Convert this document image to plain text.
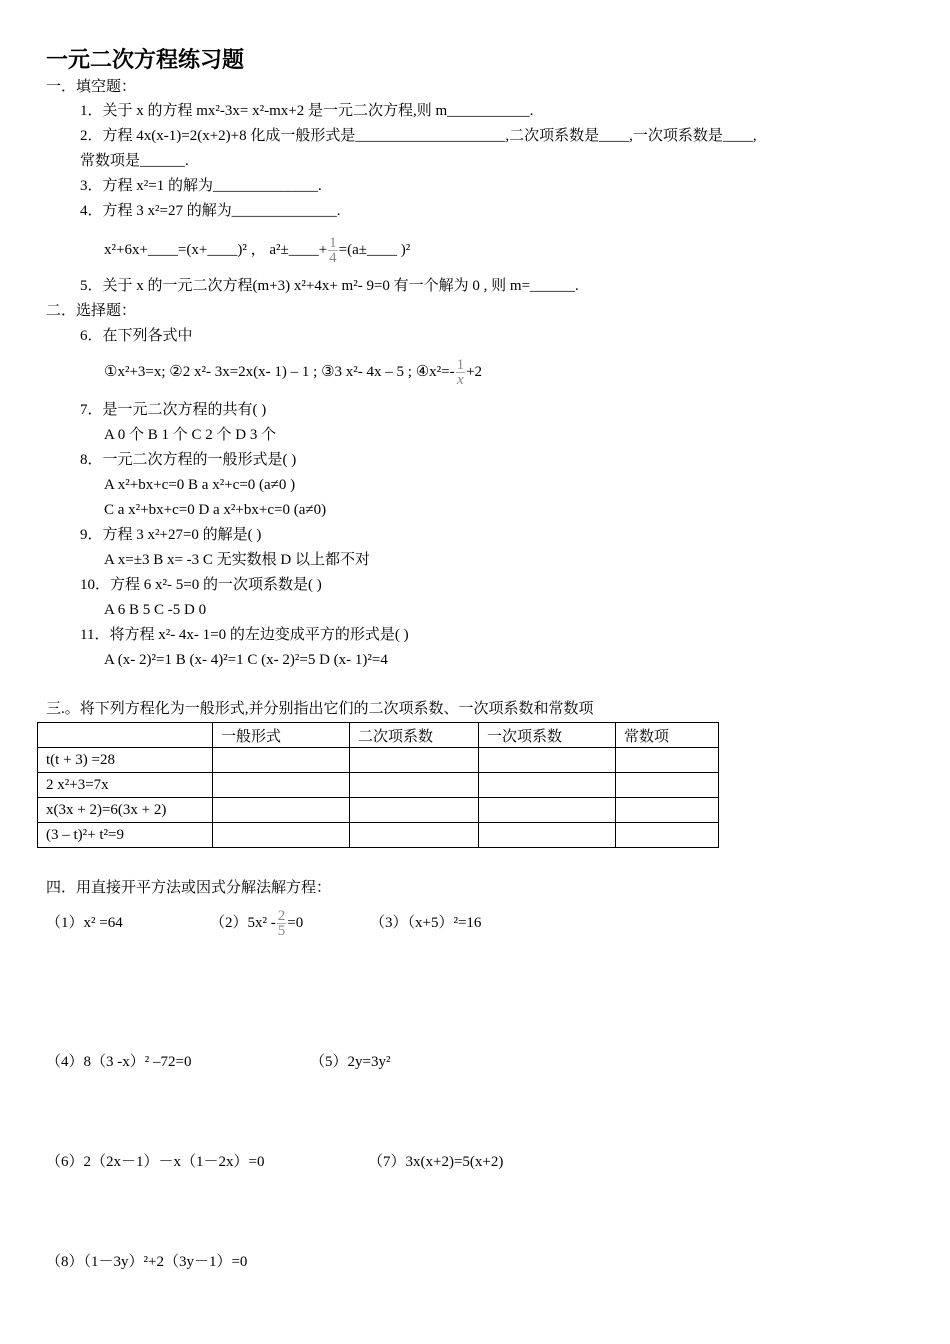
一元二次方程练习题
一．填空题：
1．关于 x 的方程 mx²-3x= x²-mx+2 是一元二次方程,则 m___________.
2．方程 4x(x-1)=2(x+2)+8 化成一般形式是____________________,二次项系数是____,一次项系数是____,
常数项是______.
3．方程 x²=1 的解为______________.
4．方程 3 x²=27 的解为______________.
x²+6x+____=(x+____)² ， a²±____+ $\frac{1}{4}$ =(a±____ )²
5．关于 x 的一元二次方程(m+3) x²+4x+ m²- 9=0 有一个解为 0 , 则 m=______.
二．选择题：
6．在下列各式中
①x²+3=x; ②2 x²- 3x=2x(x- 1) – 1 ; ③3 x²- 4x – 5 ; ④x²=- $\frac{1}{x} +2$
7．是一元二次方程的共有( )
A 0 个 B 1 个 C 2 个 D 3 个
8．一元二次方程的一般形式是( )
A x²+bx+c=0 B a x²+c=0 (a≠0 )
C a x²+bx+c=0 D a x²+bx+c=0 (a≠0)
9．方程 3 x²+27=0 的解是( )
A x=±3 B x= -3 C 无实数根 D 以上都不对
10．方程 6 x²- 5=0 的一次项系数是( )
A 6 B 5 C -5 D 0
11．将方程 x²- 4x- 1=0 的左边变成平方的形式是( )
A (x- 2)²=1 B (x- 4)²=1 C (x- 2)²=5 D (x- 1)²=4
三.。将下列方程化为一般形式,并分别指出它们的二次项系数、一次项系数和常数项
	一般形式	二次项系数	一次项系数	常数项
t(t + 3) =28				
2 x²+3=7x				
x(3x + 2)=6(3x + 2)				
(3 – t)²+ t²=9				
四．用直接开平方法或因式分解法解方程：
（1）x² =64	$(2)5x^2 - \frac{2}{5} =0$	（3）（x+5）²=16
（4）8（3 -x）² –72=0	（5）2y=3y²
（6）2（2x－1）－x（1－2x）=0	（7）3x(x+2)=5(x+2)
（8）（1－3y）²+2（3y－1）=0
